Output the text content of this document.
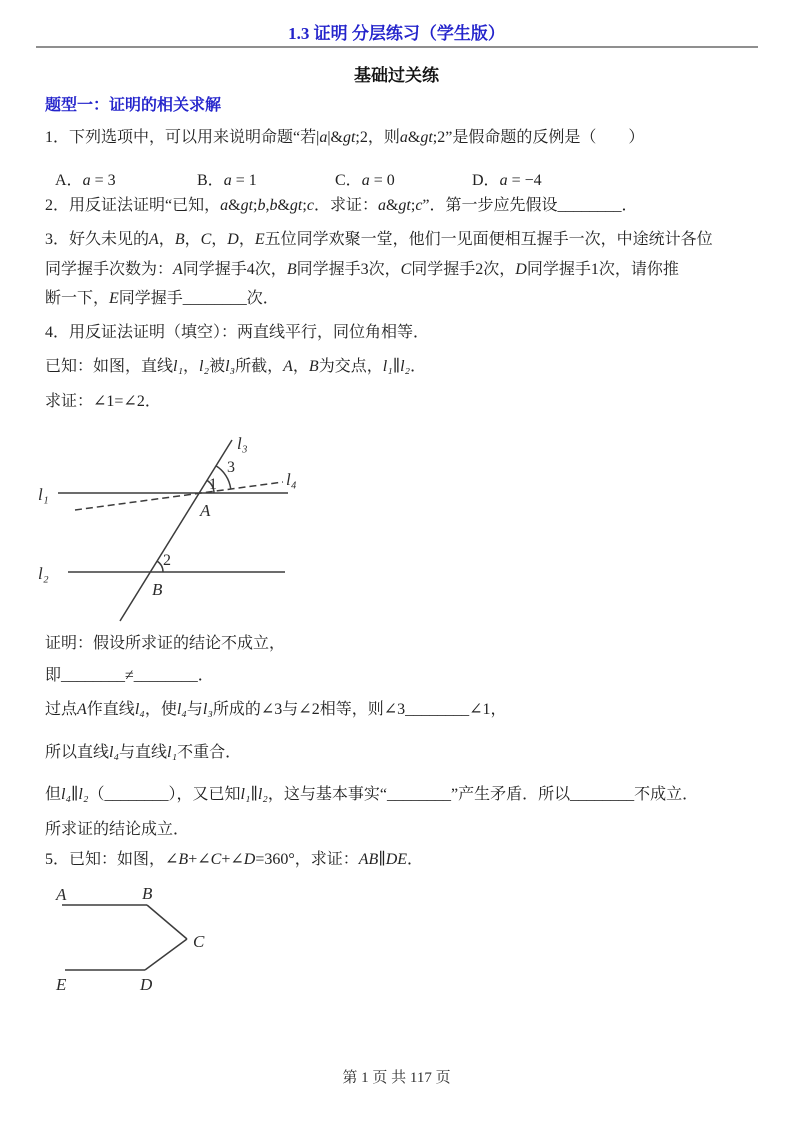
1.3 证明 分层练习（学生版）
基础过关练
题型一：证明的相关求解
1．下列选项中，可以用来说明命题“若|a|&gt;2，则a&gt;2”是假命题的反例是（　　）
A．a = 3	B．a = 1	C．a = 0	D．a = −4
2．用反证法证明“已知，a&gt;b,b&gt;c．求证：a&gt;c”．第一步应先假设________．
3．好久未见的A，B，C，D，E五位同学欢聚一堂，他们一见面便相互握手一次，中途统计各位
同学握手次数为：A同学握手4次，B同学握手3次，C同学握手2次，D同学握手1次，请你推
断一下，E同学握手________次．
4．用反证法证明（填空）：两直线平行，同位角相等．
已知：如图，直线l₁，l₂被l₃所截，A，B为交点，l₁∥l₂．
求证：∠1=∠2．
l₃
l₄
l₁
l₂
A
B
1
3
2
证明：假设所求证的结论不成立，
即________≠________．
过点A作直线l₄，使l₄与l₃所成的∠3与∠2相等，则∠3________∠1，
所以直线l₄与直线l₁不重合．
但l₄∥l₂（________），又已知l₁∥l₂，这与基本事实“________”产生矛盾．所以________不成立．
所求证的结论成立．
5．已知：如图，∠B+∠C+∠D=360°，求证：AB∥DE．
A	B
C
D
E
第 1 页 共 117 页
